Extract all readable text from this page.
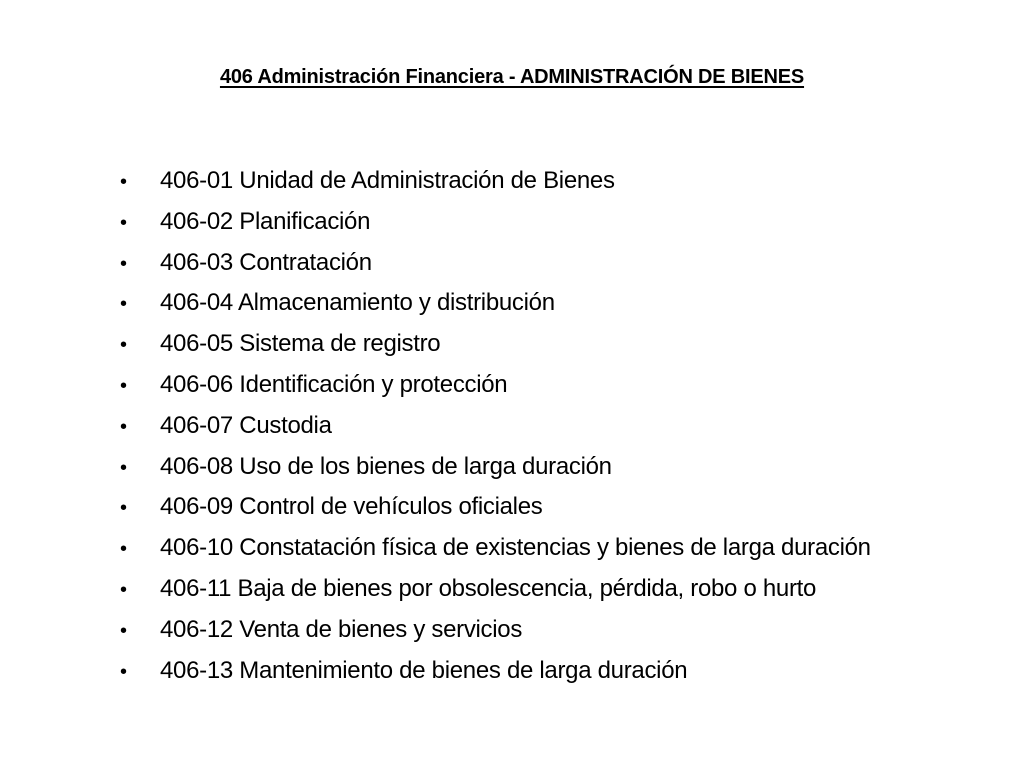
406 Administración Financiera - ADMINISTRACIÓN DE BIENES
•	406-01 Unidad de Administración de Bienes
•	406-02 Planificación
•	406-03 Contratación
•	406-04 Almacenamiento y distribución
•	406-05 Sistema de registro
•	406-06 Identificación y protección
•	406-07 Custodia
•	406-08 Uso de los bienes de larga duración
•	406-09 Control de vehículos oficiales
•	406-10 Constatación física de existencias y bienes de larga duración
•	406-11 Baja de bienes por obsolescencia, pérdida, robo o hurto
•	406-12 Venta de bienes y servicios
•	406-13 Mantenimiento de bienes de larga duración
